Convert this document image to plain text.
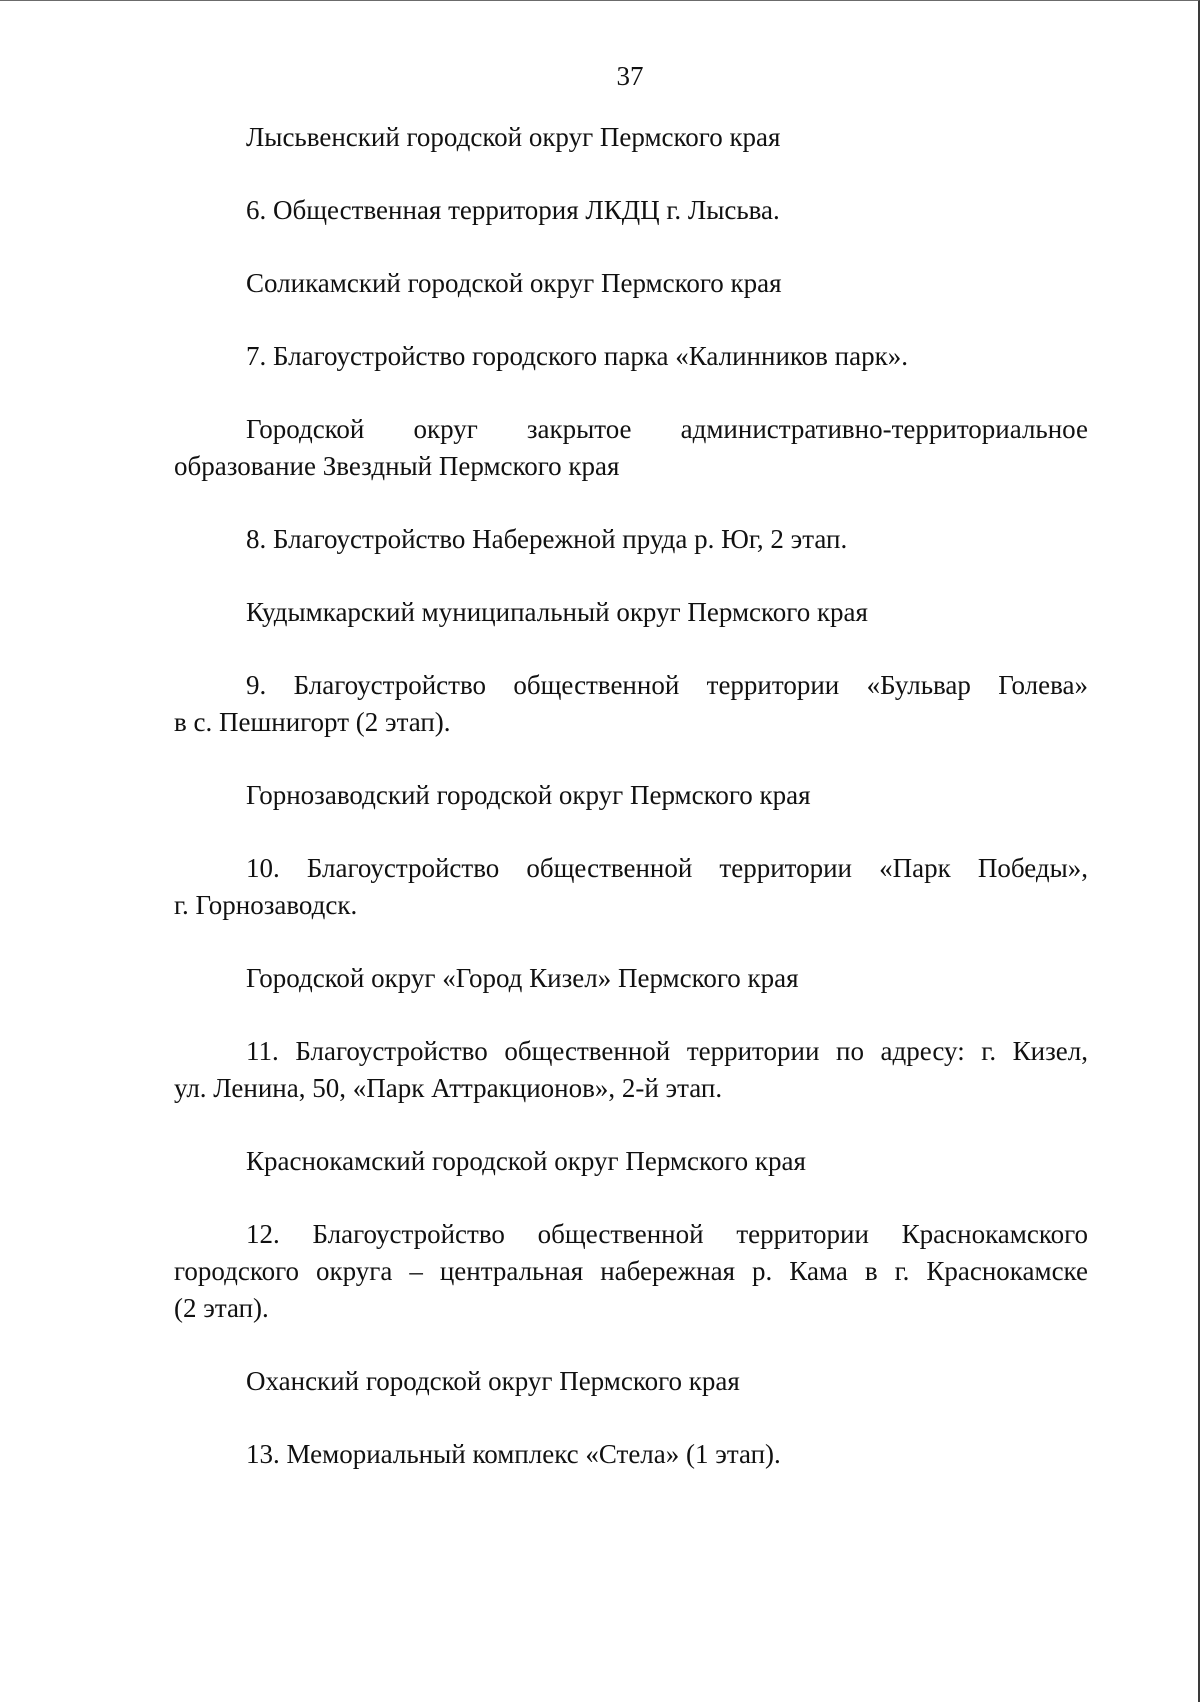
37

Лысьвенский городской округ Пермского края

6. Общественная территория ЛКДЦ г. Лысьва.

Соликамский городской округ Пермского края

7. Благоустройство городского парка «Калинников парк».

Городской округ закрытое административно-территориальное

образование Звездный Пермского края

8. Благоустройство Набережной пруда р. Юг, 2 этап.

Кудымкарский муниципальный округ Пермского края

9. Благоустройство общественной территории «Бульвар Голева»

в с. Пешнигорт (2 этап).

Горнозаводский городской округ Пермского края

10. Благоустройство общественной территории «Парк Победы»,

г. Горнозаводск.

Городской округ «Город Кизел» Пермского края

11. Благоустройство общественной территории по адресу: г. Кизел,

ул. Ленина, 50, «Парк Аттракционов», 2-й этап.

Краснокамский городской округ Пермского края

12. Благоустройство общественной территории Краснокамского

городского округа – центральная набережная р. Кама в г. Краснокамске

(2 этап).

Оханский городской округ Пермского края

13. Мемориальный комплекс «Стела» (1 этап).
